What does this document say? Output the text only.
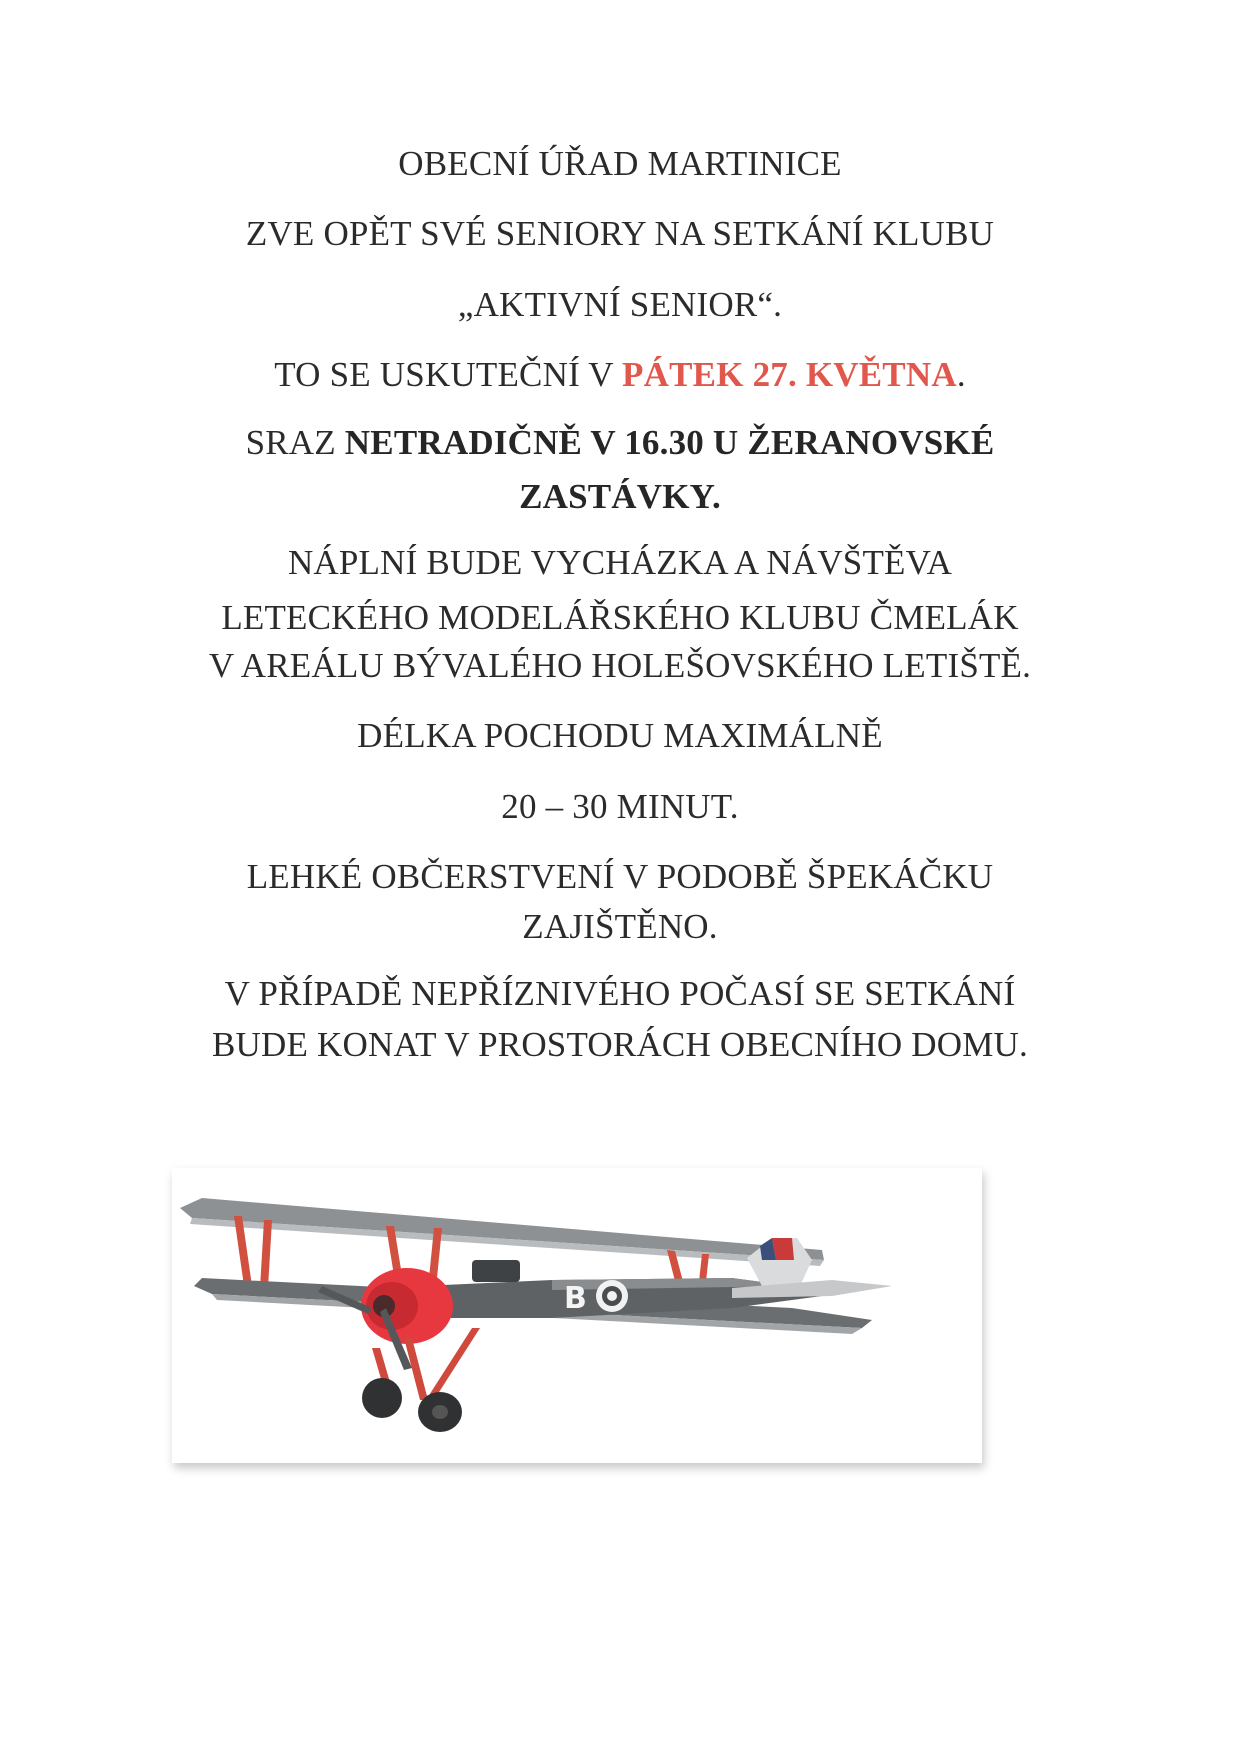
OBECNÍ ÚŘAD MARTINICE
ZVE OPĚT SVÉ SENIORY NA SETKÁNÍ KLUBU
„AKTIVNÍ SENIOR“.
TO SE USKUTEČNÍ V PÁTEK 27. KVĚTNA.
SRAZ NETRADIČNĚ V 16.30 U ŽERANOVSKÉ
ZASTÁVKY.
NÁPLNÍ BUDE VYCHÁZKA A NÁVŠTĚVA
LETECKÉHO MODELÁŘSKÉHO KLUBU ČMELÁK
V AREÁLU BÝVALÉHO HOLEŠOVSKÉHO LETIŠTĚ.
DÉLKA POCHODU MAXIMÁLNĚ
20 – 30 MINUT.
LEHKÉ OBČERSTVENÍ V PODOBĚ ŠPEKÁČKU
ZAJIŠTĚNO.
V PŘÍPADĚ NEPŘÍZNIVÉHO POČASÍ SE SETKÁNÍ
BUDE KONAT V PROSTORÁCH OBECNÍHO DOMU.
B
